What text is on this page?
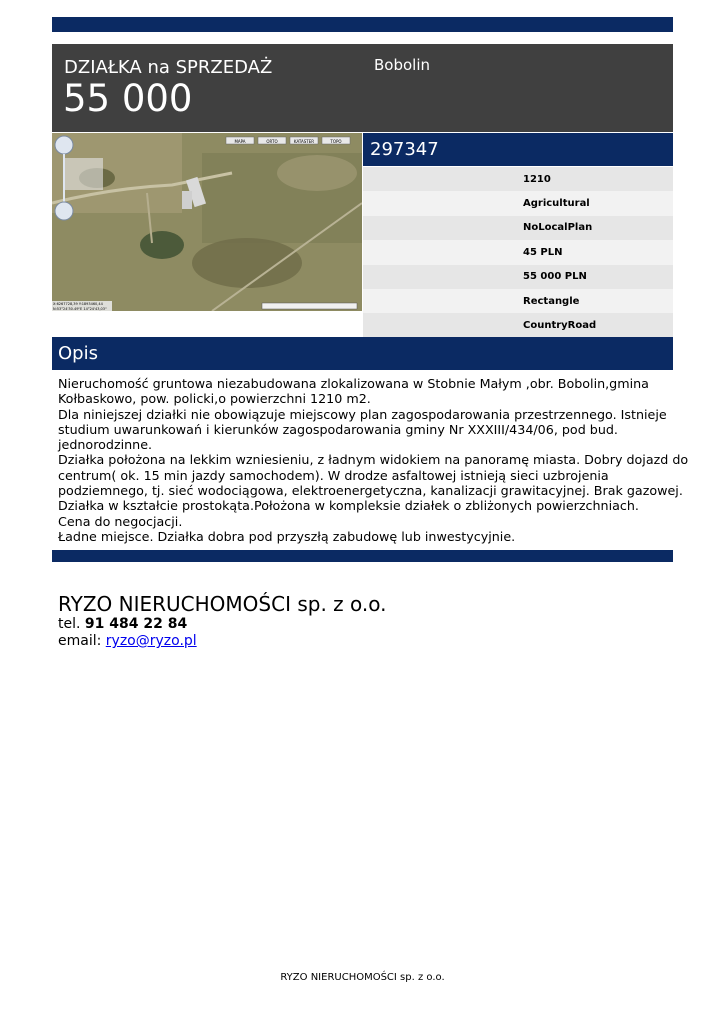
DZIAŁKA na SPRZEDAŻ
55 000
Bobolin
MAPA	ORTO	KATASTER	TOPO
X:6267728,39 Y:1893460,44
N:53°24'30.49"E 14°24'43,03"
297347
1210
Agricultural
NoLocalPlan
45 PLN
55 000 PLN
Rectangle
CountryRoad
Opis
Nieruchomość gruntowa niezabudowana zlokalizowana w Stobnie Małym ,obr. Bobolin,gmina
Kołbaskowo, pow. policki,o powierzchni 1210 m2.
Dla niniejszej działki nie obowiązuje miejscowy plan zagospodarowania przestrzennego. Istnieje
studium uwarunkowań i kierunków zagospodarowania gminy Nr XXXIII/434/06, pod bud.
jednorodzinne.
Działka położona na lekkim wzniesieniu, z ładnym widokiem na panoramę miasta. Dobry dojazd do
centrum( ok. 15 min jazdy samochodem). W drodze asfaltowej istnieją sieci uzbrojenia
podziemnego, tj. sieć wodociągowa, elektroenergetyczna, kanalizacji grawitacyjnej. Brak gazowej.
Działka w kształcie prostokąta.Położona w kompleksie działek o zbliżonych powierzchniach.
Cena do negocjacji.
Ładne miejsce. Działka dobra pod przyszłą zabudowę lub inwestycyjnie.
RYZO NIERUCHOMOŚCI sp. z o.o.
tel. 91 484 22 84
email: ryzo@ryzo.pl
RYZO NIERUCHOMOŚCI sp. z o.o.
